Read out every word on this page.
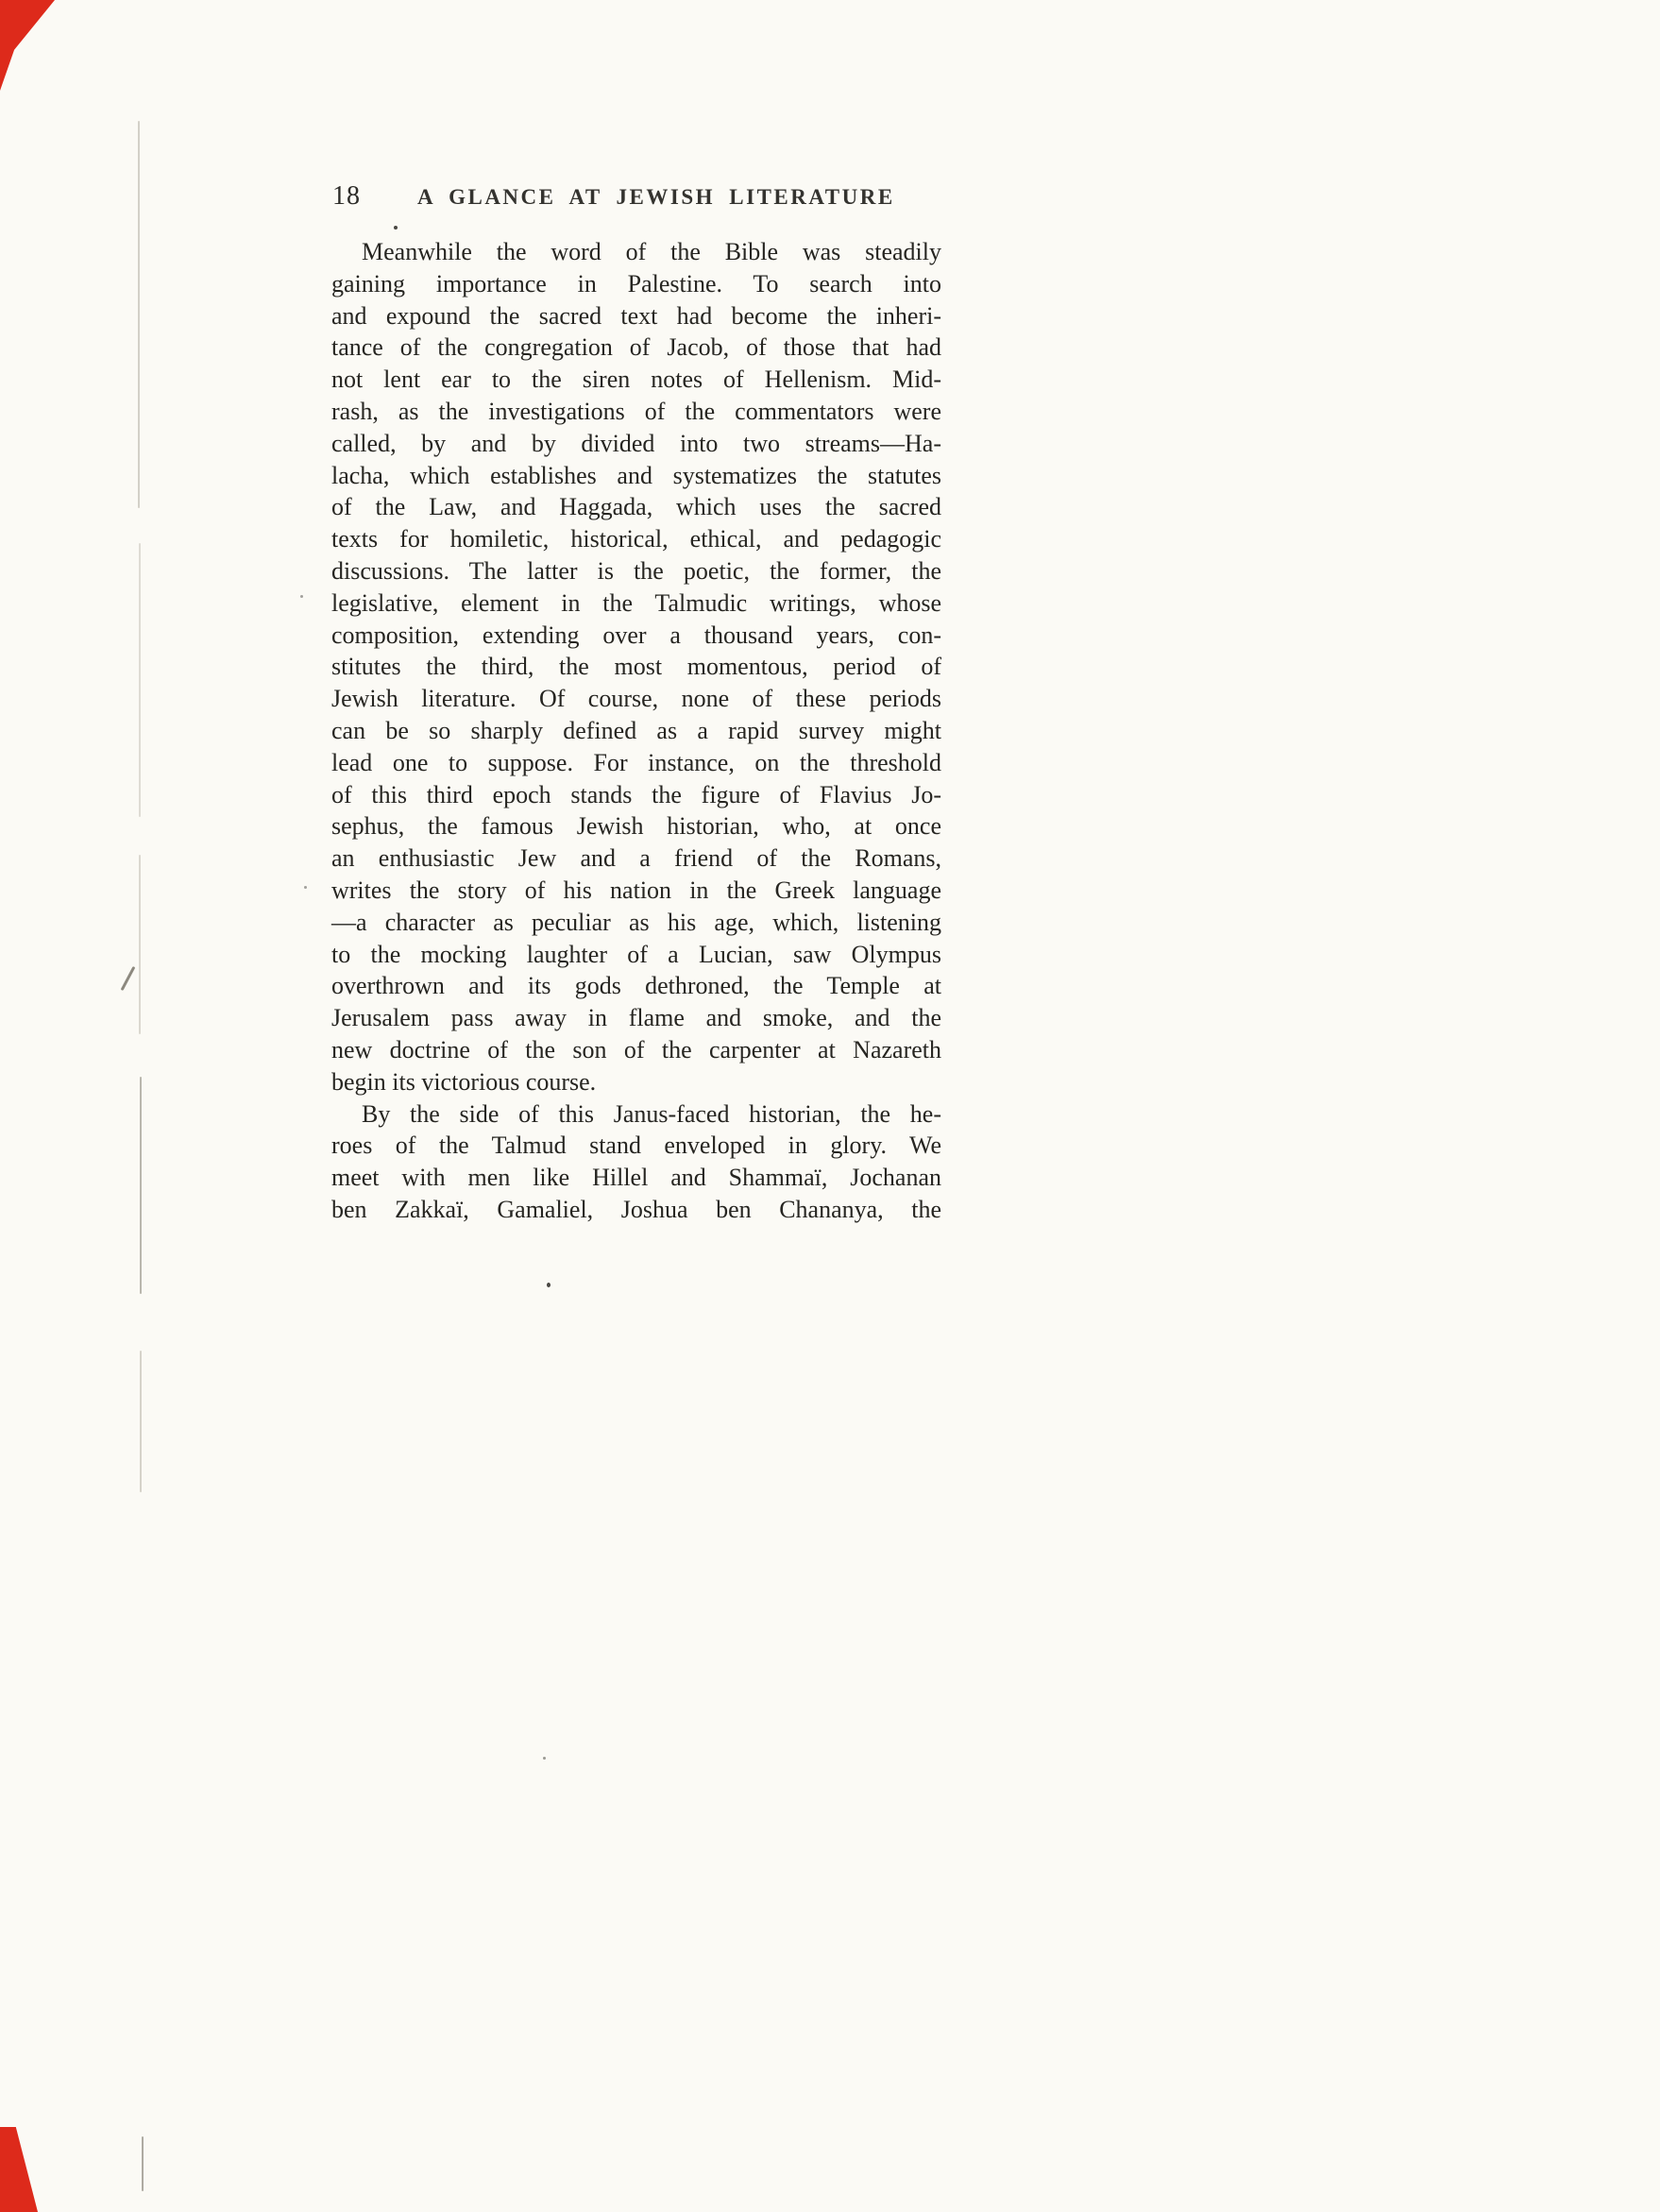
18	A GLANCE AT JEWISH LITERATURE
Meanwhile the word of the Bible was steadily
gaining importance in Palestine. To search into
and expound the sacred text had become the inheri-
tance of the congregation of Jacob, of those that had
not lent ear to the siren notes of Hellenism. Mid-
rash, as the investigations of the commentators were
called, by and by divided into two streams—Ha-
lacha, which establishes and systematizes the statutes
of the Law, and Haggada, which uses the sacred
texts for homiletic, historical, ethical, and pedagogic
discussions. The latter is the poetic, the former, the
legislative, element in the Talmudic writings, whose
composition, extending over a thousand years, con-
stitutes the third, the most momentous, period of
Jewish literature. Of course, none of these periods
can be so sharply defined as a rapid survey might
lead one to suppose. For instance, on the threshold
of this third epoch stands the figure of Flavius Jo-
sephus, the famous Jewish historian, who, at once
an enthusiastic Jew and a friend of the Romans,
writes the story of his nation in the Greek language
—a character as peculiar as his age, which, listening
to the mocking laughter of a Lucian, saw Olympus
overthrown and its gods dethroned, the Temple at
Jerusalem pass away in flame and smoke, and the
new doctrine of the son of the carpenter at Nazareth
begin its victorious course.
By the side of this Janus-faced historian, the he-
roes of the Talmud stand enveloped in glory. We
meet with men like Hillel and Shammaï, Jochanan
ben Zakkaï, Gamaliel, Joshua ben Chananya, the
